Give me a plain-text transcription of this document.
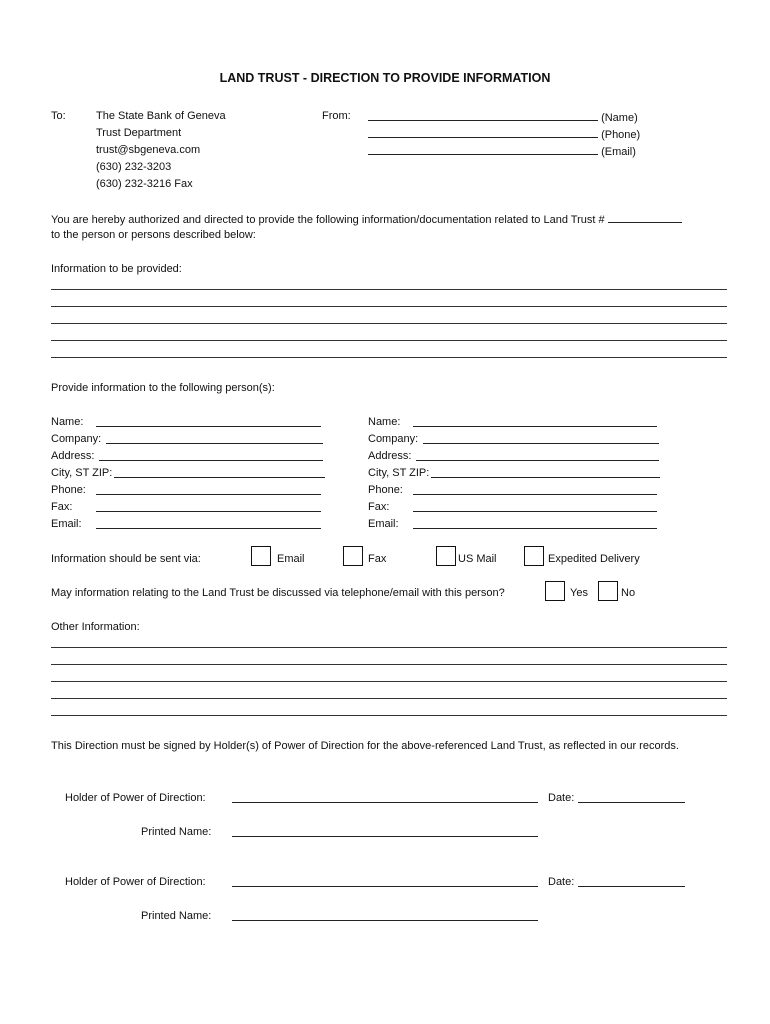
LAND TRUST - DIRECTION TO PROVIDE INFORMATION
To:	The State Bank of Geneva
Trust Department
trust@sbgeneva.com
(630) 232-3203
(630) 232-3216 Fax
From:	(Name)
(Phone)
(Email)
You are hereby authorized and directed to provide the following information/documentation related to Land Trust #
to the person or persons described below:
Information to be provided:
Provide information to the following person(s):
Name:
Company:
Address:
City, ST ZIP:
Phone:
Fax:
Email:
Name:
Company:
Address:
City, ST ZIP:
Phone:
Fax:
Email:
Information should be sent via:	Email	Fax	US Mail	Expedited Delivery
May information relating to the Land Trust be discussed via telephone/email with this person?	Yes	No
Other Information:
This Direction must be signed by Holder(s) of Power of Direction for the above-referenced Land Trust, as reflected in our records.
Holder of Power of Direction:	Date:
Printed Name:
Holder of Power of Direction:	Date:
Printed Name:
